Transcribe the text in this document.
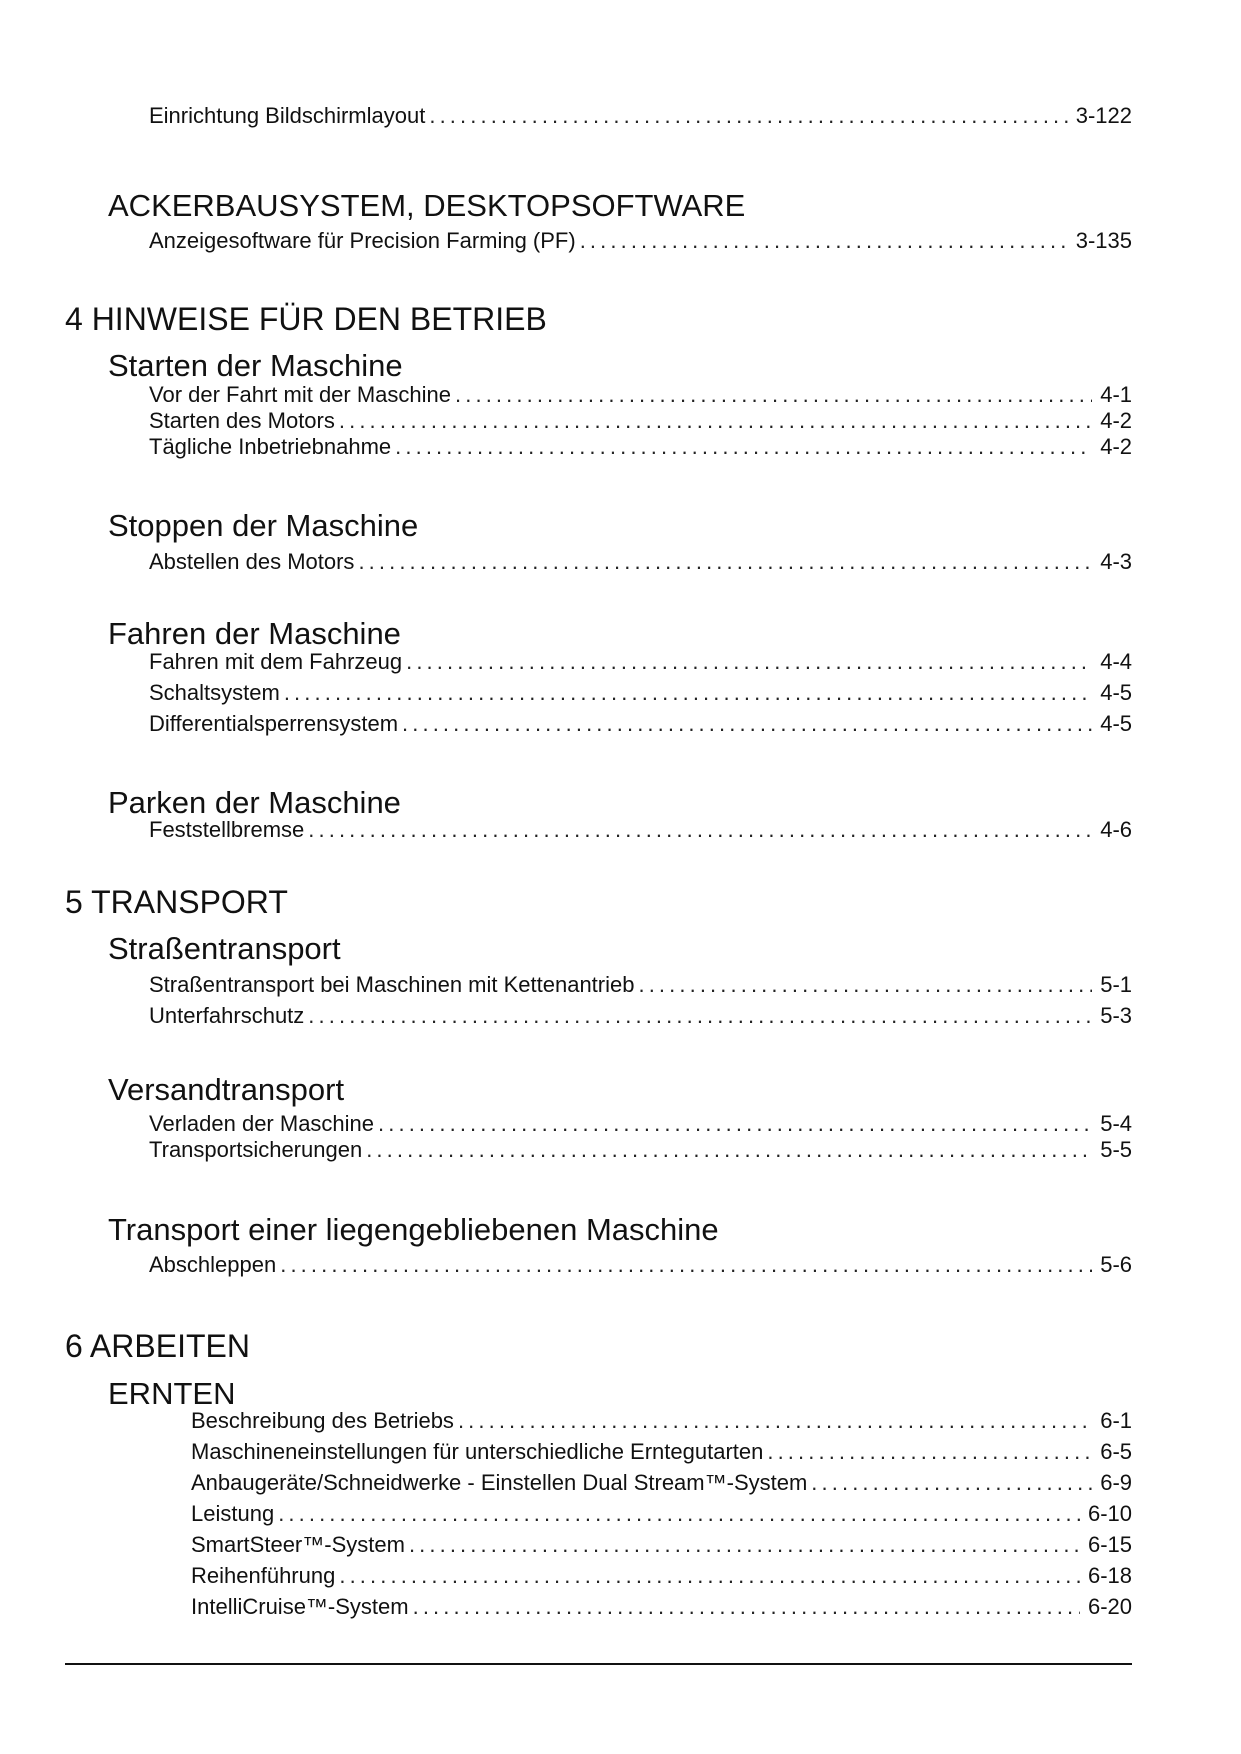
Einrichtung Bildschirmlayout . . .	3-122
ACKERBAUSYSTEM, DESKTOPSOFTWARE
Anzeigesoftware für Precision Farming (PF) . . .	3-135
4 HINWEISE FÜR DEN BETRIEB
Starten der Maschine
Vor der Fahrt mit der Maschine . . .	4-1
Starten des Motors . . .	4-2
Tägliche Inbetriebnahme . . .	4-2
Stoppen der Maschine
Abstellen des Motors . . .	4-3
Fahren der Maschine
Fahren mit dem Fahrzeug . . .	4-4
Schaltsystem . . .	4-5
Differentialsperrensystem . . .	4-5
Parken der Maschine
Feststellbremse . . .	4-6
5 TRANSPORT
Straßentransport
Straßentransport bei Maschinen mit Kettenantrieb . . .	5-1
Unterfahrschutz . . .	5-3
Versandtransport
Verladen der Maschine . . .	5-4
Transportsicherungen . . .	5-5
Transport einer liegengebliebenen Maschine
Abschleppen . . .	5-6
6 ARBEITEN
ERNTEN
Beschreibung des Betriebs . . .	6-1
Maschineneinstellungen für unterschiedliche Erntegutarten . . .	6-5
Anbaugeräte/Schneidwerke - Einstellen Dual Stream™-System . . .	6-9
Leistung . . .	6-10
SmartSteer™-System . . .	6-15
Reihenführung . . .	6-18
IntelliCruise™-System . . .	6-20
